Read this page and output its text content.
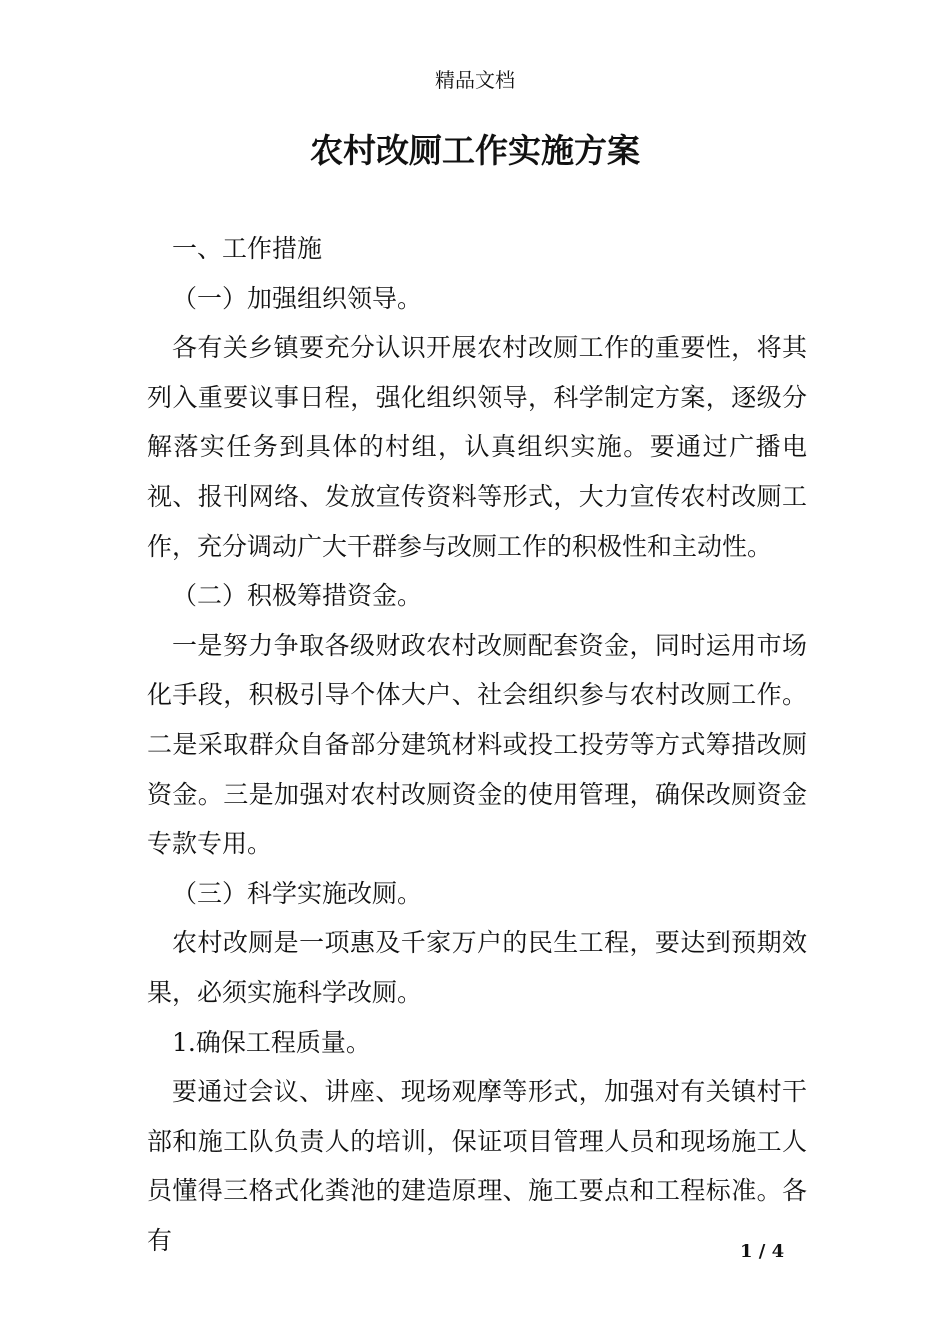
精品文档
农村改厕工作实施方案

一、工作措施

（一）加强组织领导。

各有关乡镇要充分认识开展农村改厕工作的重要性，将其列入重要议事日程，强化组织领导，科学制定方案，逐级分解落实任务到具体的村组，认真组织实施。要通过广播电视、报刊网络、发放宣传资料等形式，大力宣传农村改厕工作，充分调动广大干群参与改厕工作的积极性和主动性。

（二）积极筹措资金。

一是努力争取各级财政农村改厕配套资金，同时运用市场化手段，积极引导个体大户、社会组织参与农村改厕工作。二是采取群众自备部分建筑材料或投工投劳等方式筹措改厕资金。三是加强对农村改厕资金的使用管理，确保改厕资金专款专用。

（三）科学实施改厕。

农村改厕是一项惠及千家万户的民生工程，要达到预期效果，必须实施科学改厕。

1.确保工程质量。

要通过会议、讲座、现场观摩等形式，加强对有关镇村干部和施工队负责人的培训，保证项目管理人员和现场施工人员懂得三格式化粪池的建造原理、施工要点和工程标准。各有	1 / 4
